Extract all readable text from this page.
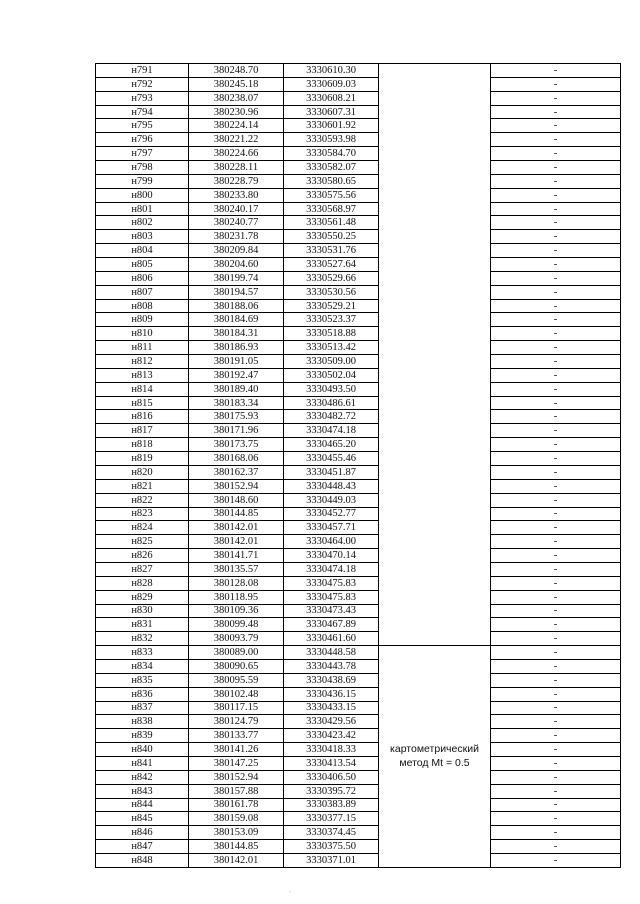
н791	380248.70	3330610.30		-
н792	380245.18	3330609.03		-
н793	380238.07	3330608.21		-
н794	380230.96	3330607.31		-
н795	380224.14	3330601.92		-
н796	380221.22	3330593.98		-
н797	380224.66	3330584.70		-
н798	380228.11	3330582.07		-
н799	380228.79	3330580.65		-
н800	380233.80	3330575.56		-
н801	380240.17	3330568.97		-
н802	380240.77	3330561.48		-
н803	380231.78	3330550.25		-
н804	380209.84	3330531.76		-
н805	380204.60	3330527.64		-
н806	380199.74	3330529.66		-
н807	380194.57	3330530.56		-
н808	380188.06	3330529.21		-
н809	380184.69	3330523.37		-
н810	380184.31	3330518.88		-
н811	380186.93	3330513.42		-
н812	380191.05	3330509.00		-
н813	380192.47	3330502.04		-
н814	380189.40	3330493.50		-
н815	380183.34	3330486.61		-
н816	380175.93	3330482.72		-
н817	380171.96	3330474.18		-
н818	380173.75	3330465.20		-
н819	380168.06	3330455.46		-
н820	380162.37	3330451.87		-
н821	380152.94	3330448.43		-
н822	380148.60	3330449.03		-
н823	380144.85	3330452.77		-
н824	380142.01	3330457.71		-
н825	380142.01	3330464.00		-
н826	380141.71	3330470.14		-
н827	380135.57	3330474.18		-
н828	380128.08	3330475.83		-
н829	380118.95	3330475.83		-
н830	380109.36	3330473.43		-
н831	380099.48	3330467.89		-
н832	380093.79	3330461.60		-
н833	380089.00	3330448.58	картометрический метод Mt = 0.5	-
н834	380090.65	3330443.78		-
н835	380095.59	3330438.69		-
н836	380102.48	3330436.15		-
н837	380117.15	3330433.15		-
н838	380124.79	3330429.56		-
н839	380133.77	3330423.42		-
н840	380141.26	3330418.33		-
н841	380147.25	3330413.54		-
н842	380152.94	3330406.50		-
н843	380157.88	3330395.72		-
н844	380161.78	3330383.89		-
н845	380159.08	3330377.15		-
н846	380153.09	3330374.45		-
н847	380144.85	3330375.50		-
н848	380142.01	3330371.01		-
.
